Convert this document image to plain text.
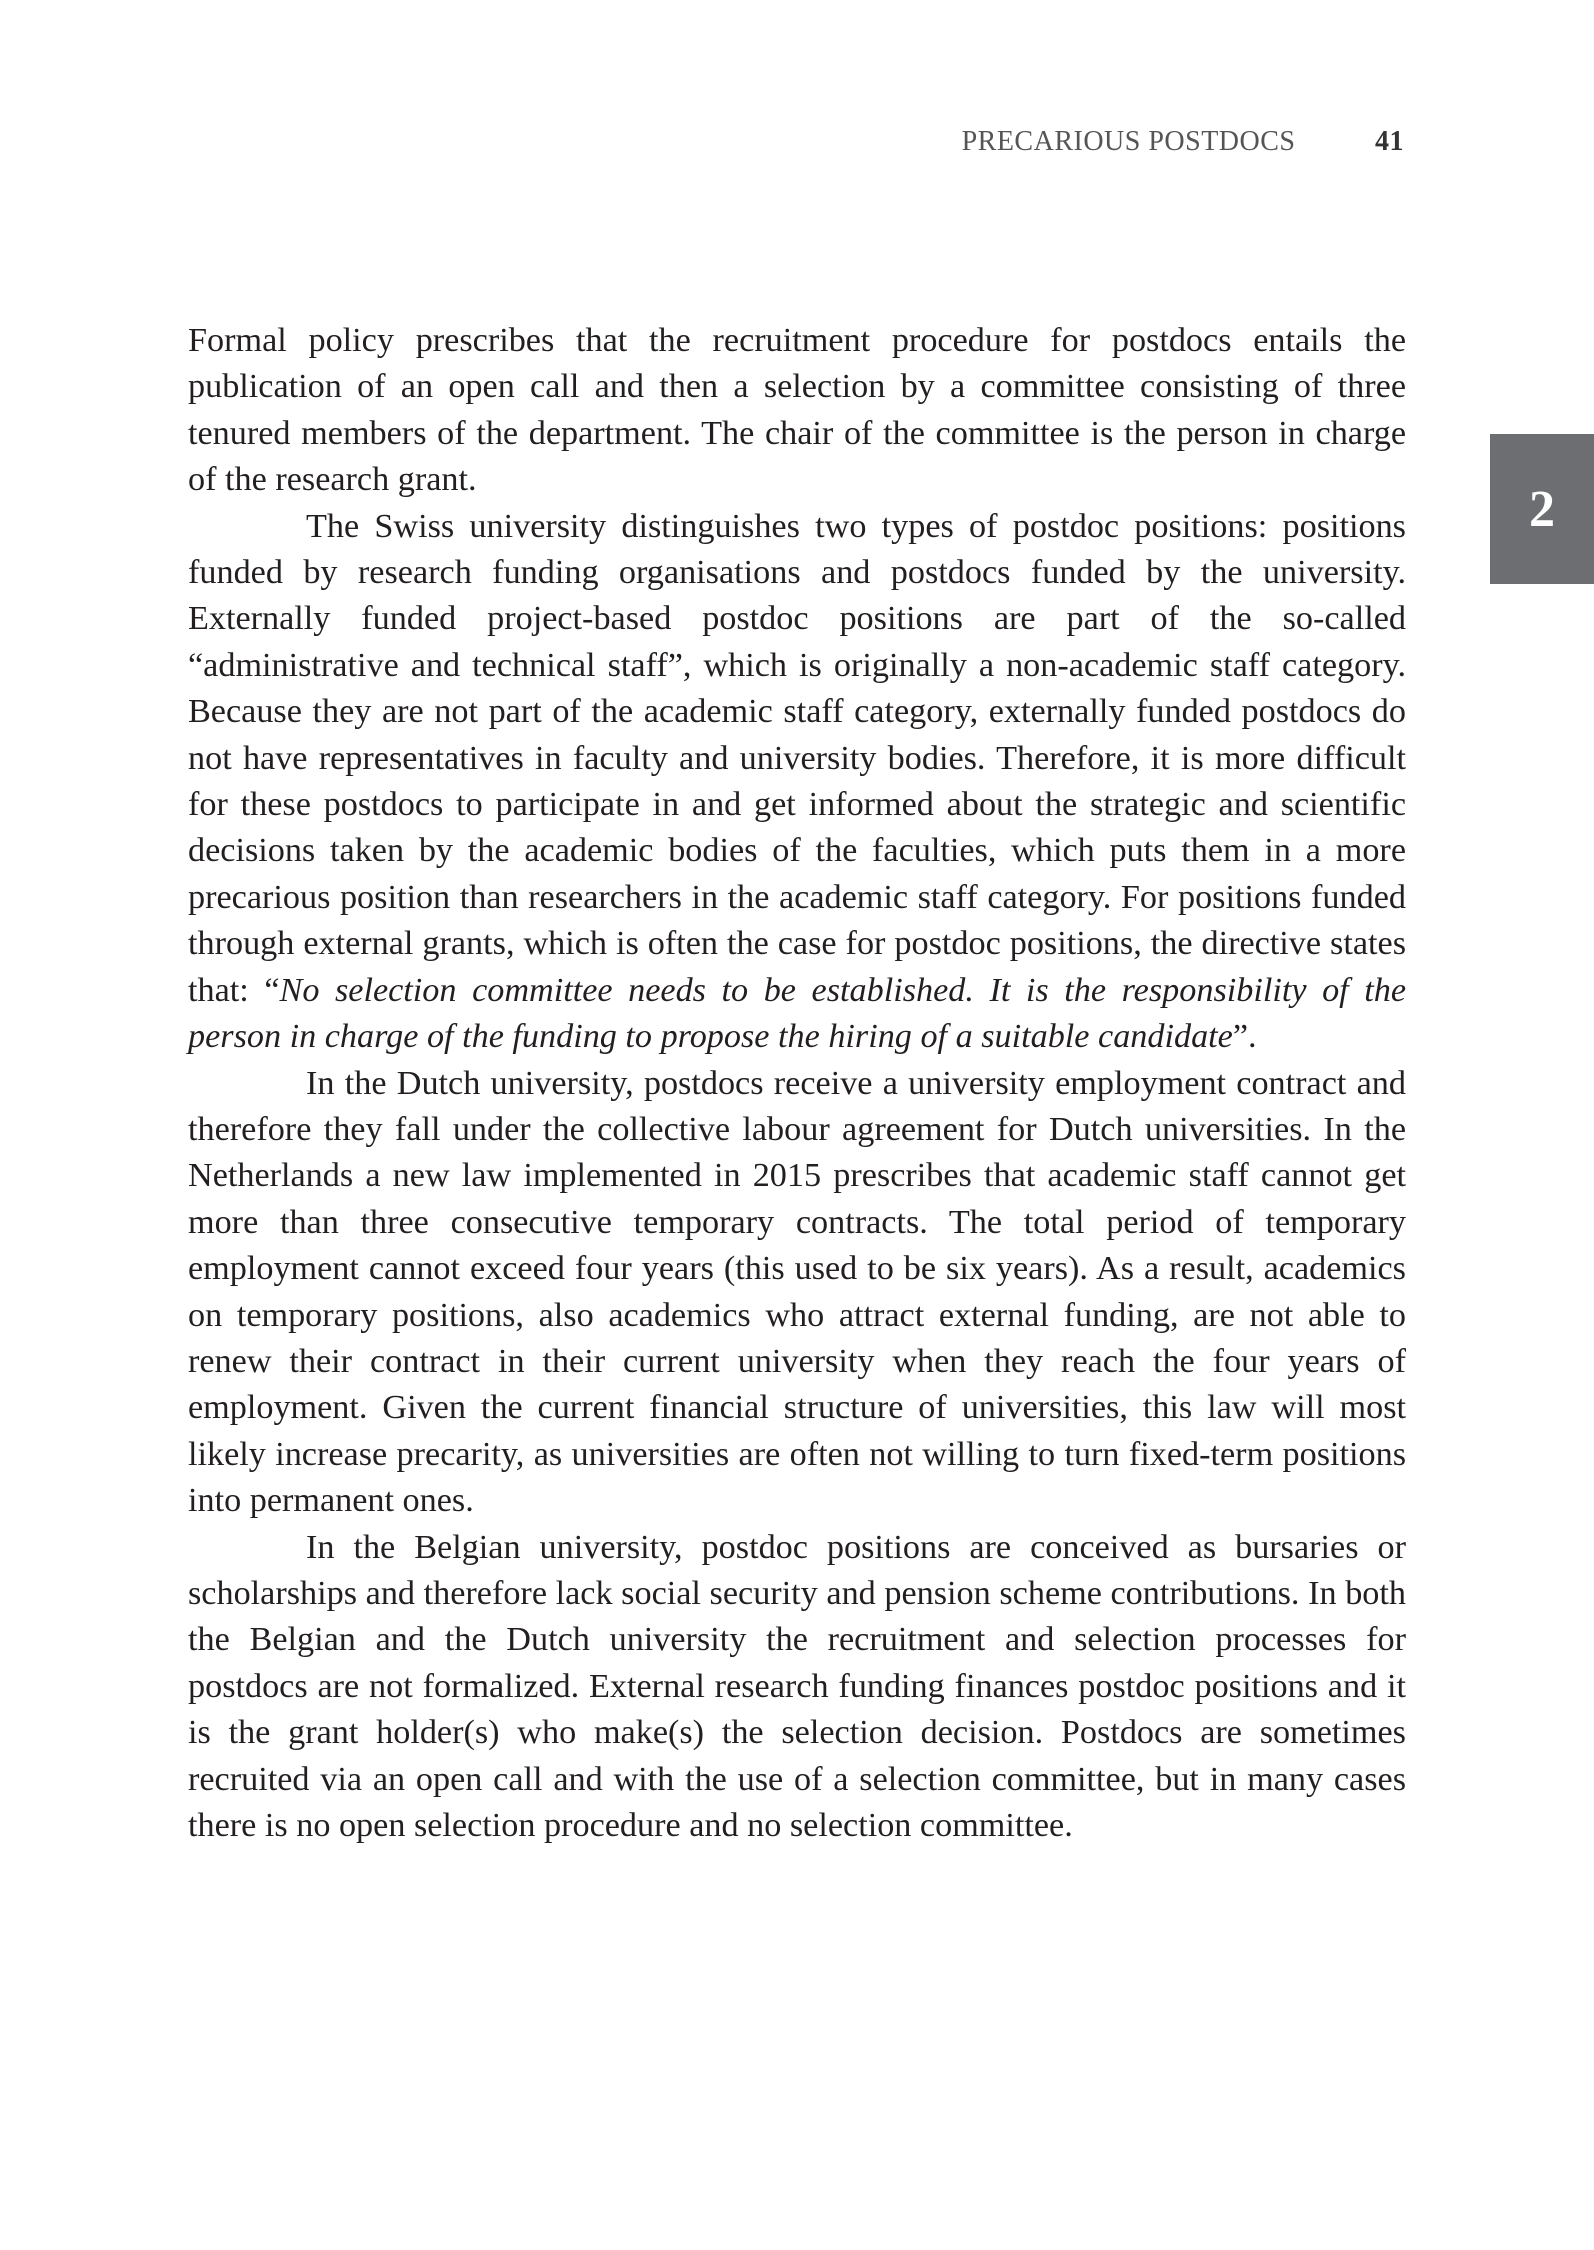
PRECARIOUS POSTDOCS	41
2

Formal policy prescribes that the recruitment procedure for postdocs entails the publication of an open call and then a selection by a committee consisting of three tenured members of the department. The chair of the committee is the person in charge of the research grant.

The Swiss university distinguishes two types of postdoc positions: positions funded by research funding organisations and postdocs funded by the university. Externally funded project-based postdoc positions are part of the so-called “administrative and technical staff”, which is originally a non-academic staff category. Because they are not part of the academic staff category, externally funded postdocs do not have representatives in faculty and university bodies. Therefore, it is more difficult for these postdocs to participate in and get informed about the strategic and scientific decisions taken by the academic bodies of the faculties, which puts them in a more precarious position than researchers in the academic staff category. For positions funded through external grants, which is often the case for postdoc positions, the directive states that: “No selection committee needs to be established. It is the responsibility of the person in charge of the funding to propose the hiring of a suitable candidate”.

In the Dutch university, postdocs receive a university employment contract and therefore they fall under the collective labour agreement for Dutch universities. In the Netherlands a new law implemented in 2015 prescribes that academic staff cannot get more than three consecutive temporary contracts. The total period of temporary employment cannot exceed four years (this used to be six years). As a result, academics on temporary positions, also academics who attract external funding, are not able to renew their contract in their current university when they reach the four years of employment. Given the current financial structure of universities, this law will most likely increase precarity, as universities are often not willing to turn fixed-term positions into permanent ones.

In the Belgian university, postdoc positions are conceived as bursaries or scholarships and therefore lack social security and pension scheme contributions. In both the Belgian and the Dutch university the recruitment and selection processes for postdocs are not formalized. External research funding finances postdoc positions and it is the grant holder(s) who make(s) the selection decision. Postdocs are sometimes recruited via an open call and with the use of a selection committee, but in many cases there is no open selection procedure and no selection committee.
